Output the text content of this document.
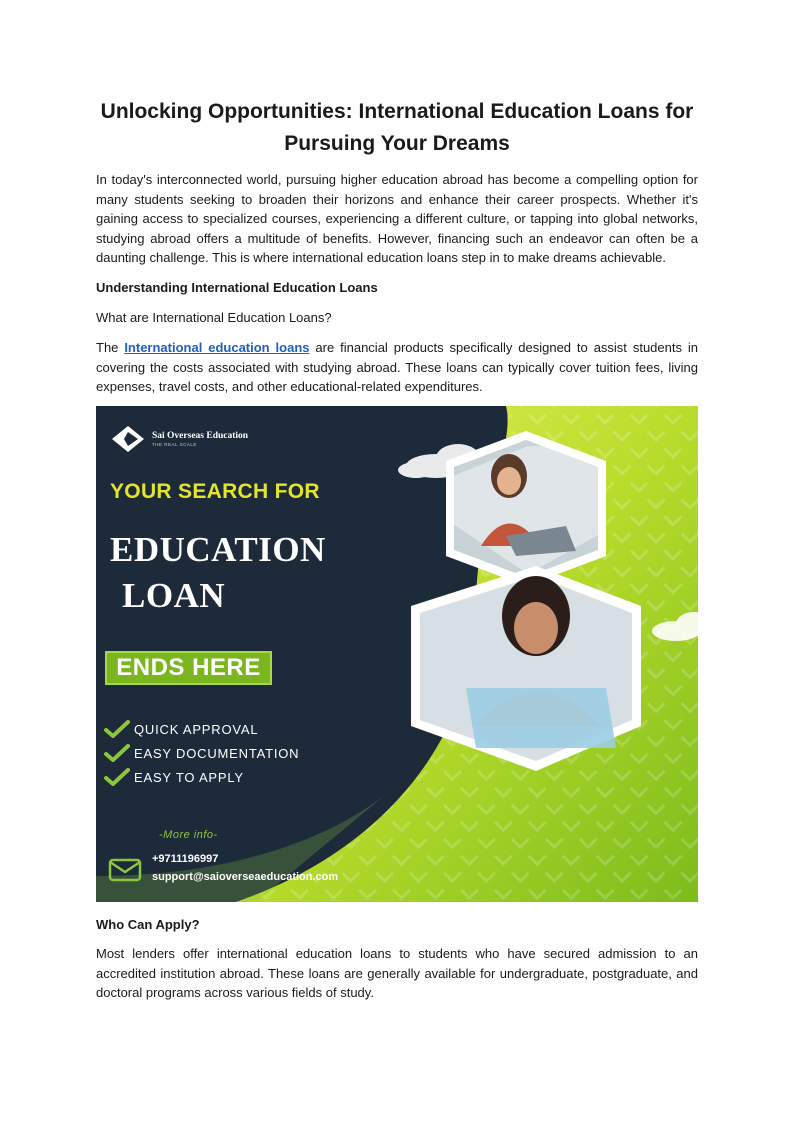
Unlocking Opportunities: International Education Loans for Pursuing Your Dreams

In today's interconnected world, pursuing higher education abroad has become a compelling option for many students seeking to broaden their horizons and enhance their career prospects. Whether it's gaining access to specialized courses, experiencing a different culture, or tapping into global networks, studying abroad offers a multitude of benefits. However, financing such an endeavor can often be a daunting challenge. This is where international education loans step in to make dreams achievable.

Understanding International Education Loans

What are International Education Loans?

The International education loans are financial products specifically designed to assist students in covering the costs associated with studying abroad. These loans can typically cover tuition fees, living expenses, travel costs, and other educational-related expenditures.

Sai Overseas Education
THE REAL SCALE
YOUR SEARCH FOR
EDUCATION
LOAN
ENDS HERE
QUICK APPROVAL
EASY DOCUMENTATION
EASY TO APPLY
-More info-
+9711196997
support@saioverseaeducation.com

Who Can Apply?

Most lenders offer international education loans to students who have secured admission to an accredited institution abroad. These loans are generally available for undergraduate, postgraduate, and doctoral programs across various fields of study.
